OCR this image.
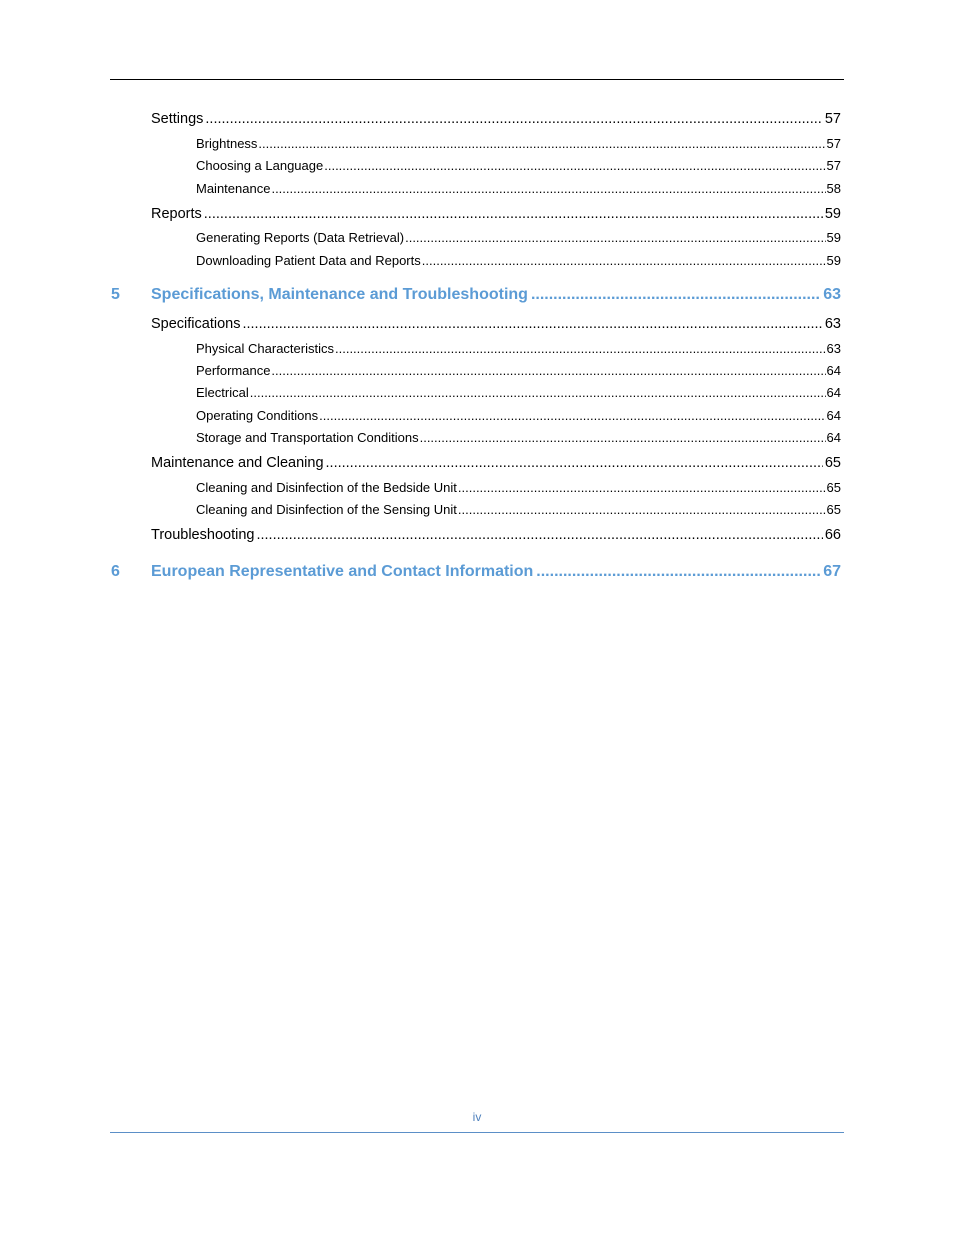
Settings .....	57
Brightness .....	57
Choosing a Language .....	57
Maintenance .....	58
Reports .....	59
Generating Reports (Data Retrieval) .....	59
Downloading Patient Data and Reports .....	59
5	Specifications, Maintenance and Troubleshooting .....	63
Specifications .....	63
Physical Characteristics .....	63
Performance .....	64
Electrical .....	64
Operating Conditions .....	64
Storage and Transportation Conditions .....	64
Maintenance and Cleaning .....	65
Cleaning and Disinfection of the Bedside Unit .....	65
Cleaning and Disinfection of the Sensing Unit .....	65
Troubleshooting .....	66
6	European Representative and Contact Information .....	67
iv
